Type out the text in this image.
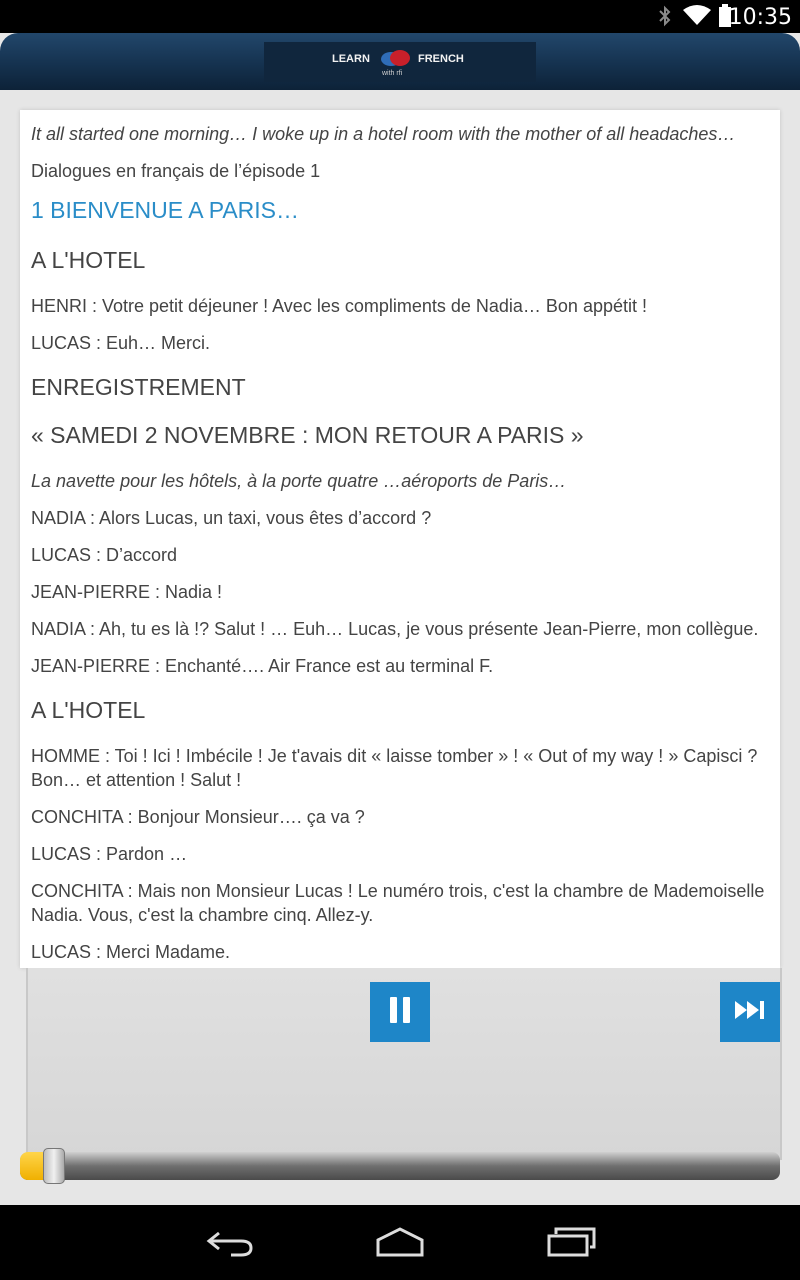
10:35
LEARN	FRENCH
with rfi

It all started one morning… I woke up in a hotel room with the mother of all headaches…

Dialogues en français de l’épisode 1

1 BIENVENUE A PARIS…
A L'HOTEL

HENRI : Votre petit déjeuner ! Avec les compliments de Nadia… Bon appétit !

LUCAS : Euh… Merci.

ENREGISTREMENT
« SAMEDI 2 NOVEMBRE : MON RETOUR A PARIS »

La navette pour les hôtels, à la porte quatre …aéroports de Paris…

NADIA : Alors Lucas, un taxi, vous êtes d’accord ?

LUCAS : D’accord

JEAN-PIERRE : Nadia !

NADIA : Ah, tu es là !? Salut ! … Euh… Lucas, je vous présente Jean-Pierre, mon collègue.

JEAN-PIERRE : Enchanté…. Air France est au terminal F.

A L'HOTEL

HOMME : Toi ! Ici ! Imbécile ! Je t'avais dit « laisse tomber » ! « Out of my way ! » Capisci ? Bon… et attention ! Salut !

CONCHITA : Bonjour Monsieur…. ça va ?

LUCAS : Pardon …

CONCHITA : Mais non Monsieur Lucas ! Le numéro trois, c'est la chambre de Mademoiselle Nadia. Vous, c'est la chambre cinq. Allez-y.

LUCAS : Merci Madame.
